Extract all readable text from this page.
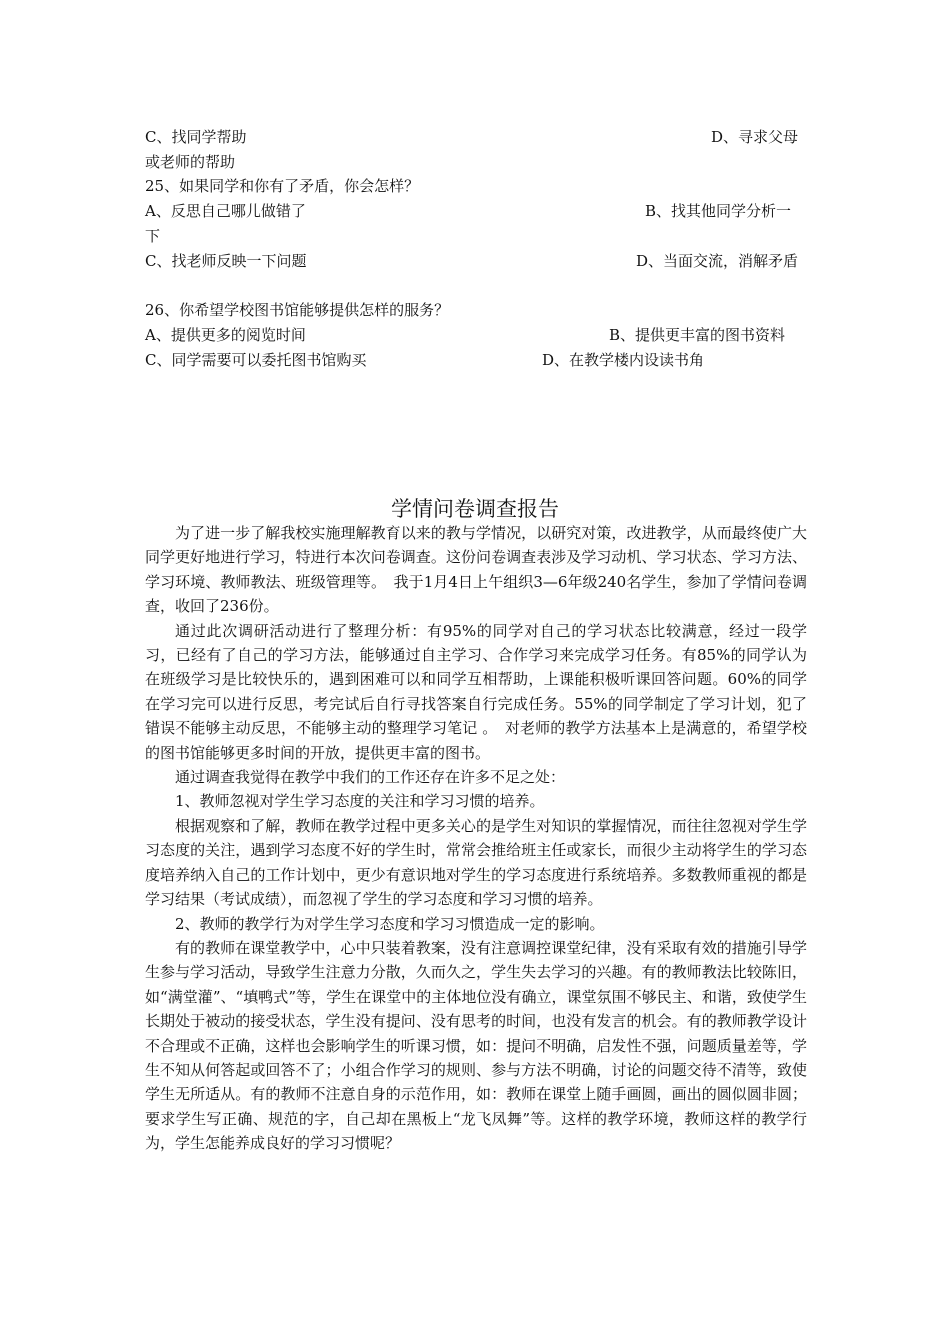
C、找同学帮助	D、寻求父母
或老师的帮助
25、如果同学和你有了矛盾，你会怎样？
A、反思自己哪儿做错了	B、找其他同学分析一
下
C、找老师反映一下问题	D、当面交流，消解矛盾
26、你希望学校图书馆能够提供怎样的服务？
A、提供更多的阅览时间	B、提供更丰富的图书资料
C、同学需要可以委托图书馆购买	D、在教学楼内设读书角
学情问卷调查报告

为了进一步了解我校实施理解教育以来的教与学情况，以研究对策，改进教学，从而最终使广大同学更好地进行学习，特进行本次问卷调查。这份问卷调查表涉及学习动机、学习状态、学习方法、学习环境、教师教法、班级管理等。　我于1月4日上午组织3—6年级240名学生，参加了学情问卷调查，收回了236份。

通过此次调研活动进行了整理分析：有95%的同学对自己的学习状态比较满意，经过一段学习，已经有了自己的学习方法，能够通过自主学习、合作学习来完成学习任务。有85%的同学认为在班级学习是比较快乐的，遇到困难可以和同学互相帮助，上课能积极听课回答问题。60%的同学在学习完可以进行反思，考完试后自行寻找答案自行完成任务。55%的同学制定了学习计划，犯了错误不能够主动反思，不能够主动的整理学习笔记 。　对老师的教学方法基本上是满意的，希望学校的图书馆能够更多时间的开放，提供更丰富的图书。

通过调查我觉得在教学中我们的工作还存在许多不足之处：

1、教师忽视对学生学习态度的关注和学习习惯的培养。

根据观察和了解，教师在教学过程中更多关心的是学生对知识的掌握情况，而往往忽视对学生学习态度的关注，遇到学习态度不好的学生时，常常会推给班主任或家长，而很少主动将学生的学习态度培养纳入自己的工作计划中，更少有意识地对学生的学习态度进行系统培养。多数教师重视的都是学习结果（考试成绩），而忽视了学生的学习态度和学习习惯的培养。

2、教师的教学行为对学生学习态度和学习习惯造成一定的影响。

有的教师在课堂教学中，心中只装着教案，没有注意调控课堂纪律，没有采取有效的措施引导学生参与学习活动，导致学生注意力分散，久而久之，学生失去学习的兴趣。有的教师教法比较陈旧，如“满堂灌”、“填鸭式”等，学生在课堂中的主体地位没有确立，课堂氛围不够民主、和谐，致使学生长期处于被动的接受状态，学生没有提问、没有思考的时间，也没有发言的机会。有的教师教学设计不合理或不正确，这样也会影响学生的听课习惯，如：提问不明确，启发性不强，问题质量差等，学生不知从何答起或回答不了；小组合作学习的规则、参与方法不明确，讨论的问题交待不清等，致使学生无所适从。有的教师不注意自身的示范作用，如：教师在课堂上随手画圆，画出的圆似圆非圆；要求学生写正确、规范的字，自己却在黑板上“龙飞凤舞”等。这样的教学环境，教师这样的教学行为，学生怎能养成良好的学习习惯呢？
